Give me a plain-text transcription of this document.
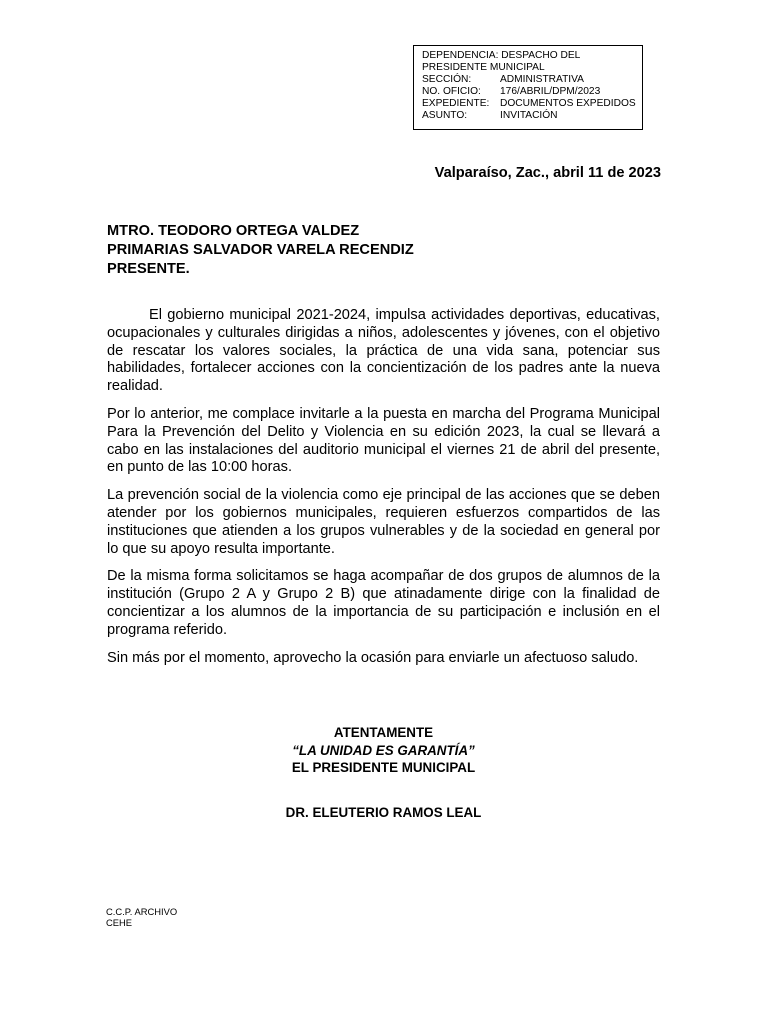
DEPENDENCIA: DESPACHO DEL PRESIDENTE MUNICIPAL
SECCIÓN:	ADMINISTRATIVA
NO. OFICIO:	176/ABRIL/DPM/2023
EXPEDIENTE:	DOCUMENTOS EXPEDIDOS
ASUNTO:	INVITACIÓN
Valparaíso, Zac., abril 11 de 2023
MTRO. TEODORO ORTEGA VALDEZ
PRIMARIAS SALVADOR VARELA RECENDIZ
PRESENTE.

El gobierno municipal 2021-2024, impulsa actividades deportivas, educativas, ocupacionales y culturales dirigidas a niños, adolescentes y jóvenes, con el objetivo de rescatar los valores sociales, la práctica de una vida sana, potenciar sus habilidades, fortalecer acciones con la concientización de los padres ante la nueva realidad.

Por lo anterior, me complace invitarle a la puesta en marcha del Programa Municipal Para la Prevención del Delito y Violencia en su edición 2023, la cual se llevará a cabo en las instalaciones del auditorio municipal el viernes 21 de abril del presente, en punto de las 10:00 horas.

La prevención social de la violencia como eje principal de las acciones que se deben atender por los gobiernos municipales, requieren esfuerzos compartidos de las instituciones que atienden a los grupos vulnerables y de la sociedad en general por lo que su apoyo resulta importante.

De la misma forma solicitamos se haga acompañar de dos grupos de alumnos de la institución (Grupo 2 A y Grupo 2 B) que atinadamente dirige con la finalidad de concientizar a los alumnos de la importancia de su participación e inclusión en el programa referido.

Sin más por el momento, aprovecho la ocasión para enviarle un afectuoso saludo.

ATENTAMENTE
“LA UNIDAD ES GARANTÍA”
EL PRESIDENTE MUNICIPAL
DR. ELEUTERIO RAMOS LEAL
C.C.P. ARCHIVO
CEHE
